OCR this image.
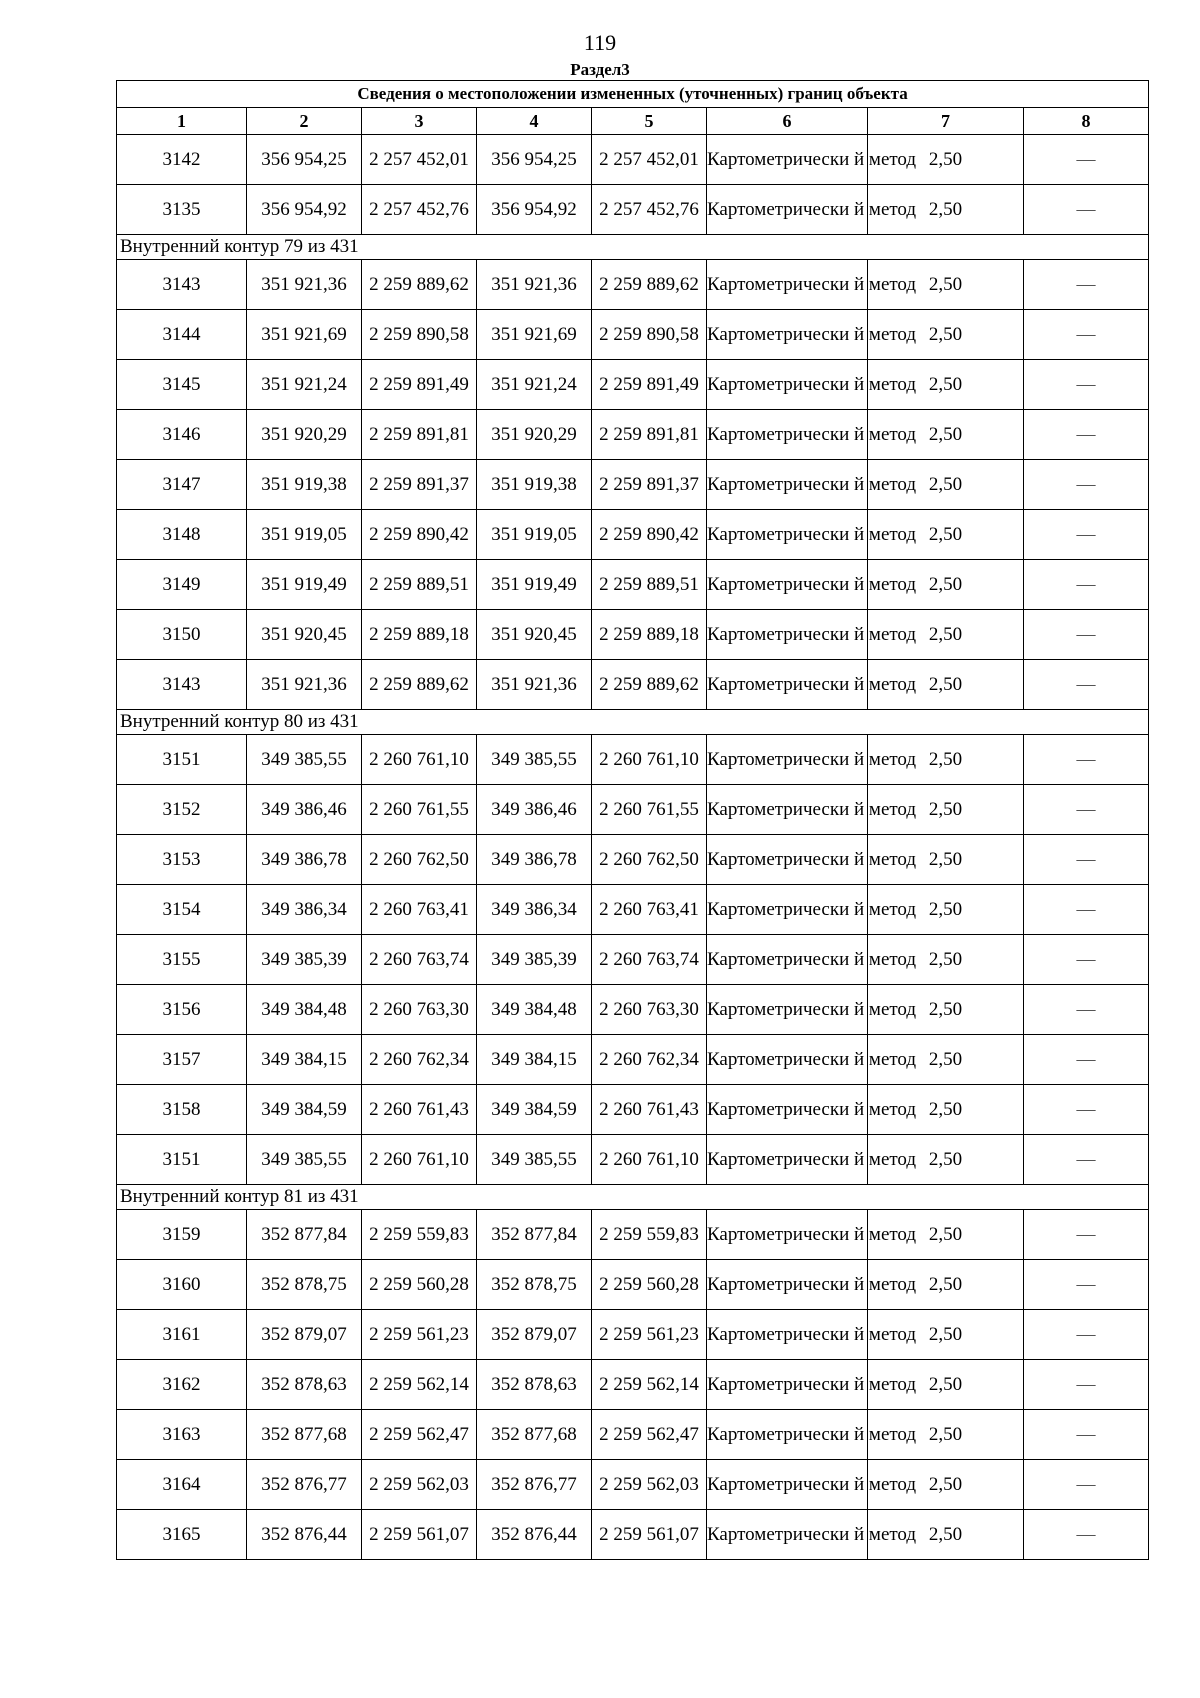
119
Раздел3
Сведения о местоположении измененных (уточненных) границ объекта							
1	2	3	4	5	6	7	8
3142	356 954,25	2 257 452,01	356 954,25	2 257 452,01	Картометрически й метод	2,50	—
3135	356 954,92	2 257 452,76	356 954,92	2 257 452,76	Картометрически й метод	2,50	—
Внутренний контур 79 из 431							
3143	351 921,36	2 259 889,62	351 921,36	2 259 889,62	Картометрически й метод	2,50	—
3144	351 921,69	2 259 890,58	351 921,69	2 259 890,58	Картометрически й метод	2,50	—
3145	351 921,24	2 259 891,49	351 921,24	2 259 891,49	Картометрически й метод	2,50	—
3146	351 920,29	2 259 891,81	351 920,29	2 259 891,81	Картометрически й метод	2,50	—
3147	351 919,38	2 259 891,37	351 919,38	2 259 891,37	Картометрически й метод	2,50	—
3148	351 919,05	2 259 890,42	351 919,05	2 259 890,42	Картометрически й метод	2,50	—
3149	351 919,49	2 259 889,51	351 919,49	2 259 889,51	Картометрически й метод	2,50	—
3150	351 920,45	2 259 889,18	351 920,45	2 259 889,18	Картометрически й метод	2,50	—
3143	351 921,36	2 259 889,62	351 921,36	2 259 889,62	Картометрически й метод	2,50	—
Внутренний контур 80 из 431							
3151	349 385,55	2 260 761,10	349 385,55	2 260 761,10	Картометрически й метод	2,50	—
3152	349 386,46	2 260 761,55	349 386,46	2 260 761,55	Картометрически й метод	2,50	—
3153	349 386,78	2 260 762,50	349 386,78	2 260 762,50	Картометрически й метод	2,50	—
3154	349 386,34	2 260 763,41	349 386,34	2 260 763,41	Картометрически й метод	2,50	—
3155	349 385,39	2 260 763,74	349 385,39	2 260 763,74	Картометрически й метод	2,50	—
3156	349 384,48	2 260 763,30	349 384,48	2 260 763,30	Картометрически й метод	2,50	—
3157	349 384,15	2 260 762,34	349 384,15	2 260 762,34	Картометрически й метод	2,50	—
3158	349 384,59	2 260 761,43	349 384,59	2 260 761,43	Картометрически й метод	2,50	—
3151	349 385,55	2 260 761,10	349 385,55	2 260 761,10	Картометрически й метод	2,50	—
Внутренний контур 81 из 431							
3159	352 877,84	2 259 559,83	352 877,84	2 259 559,83	Картометрически й метод	2,50	—
3160	352 878,75	2 259 560,28	352 878,75	2 259 560,28	Картометрически й метод	2,50	—
3161	352 879,07	2 259 561,23	352 879,07	2 259 561,23	Картометрически й метод	2,50	—
3162	352 878,63	2 259 562,14	352 878,63	2 259 562,14	Картометрически й метод	2,50	—
3163	352 877,68	2 259 562,47	352 877,68	2 259 562,47	Картометрически й метод	2,50	—
3164	352 876,77	2 259 562,03	352 876,77	2 259 562,03	Картометрически й метод	2,50	—
3165	352 876,44	2 259 561,07	352 876,44	2 259 561,07	Картометрически й метод	2,50	—
